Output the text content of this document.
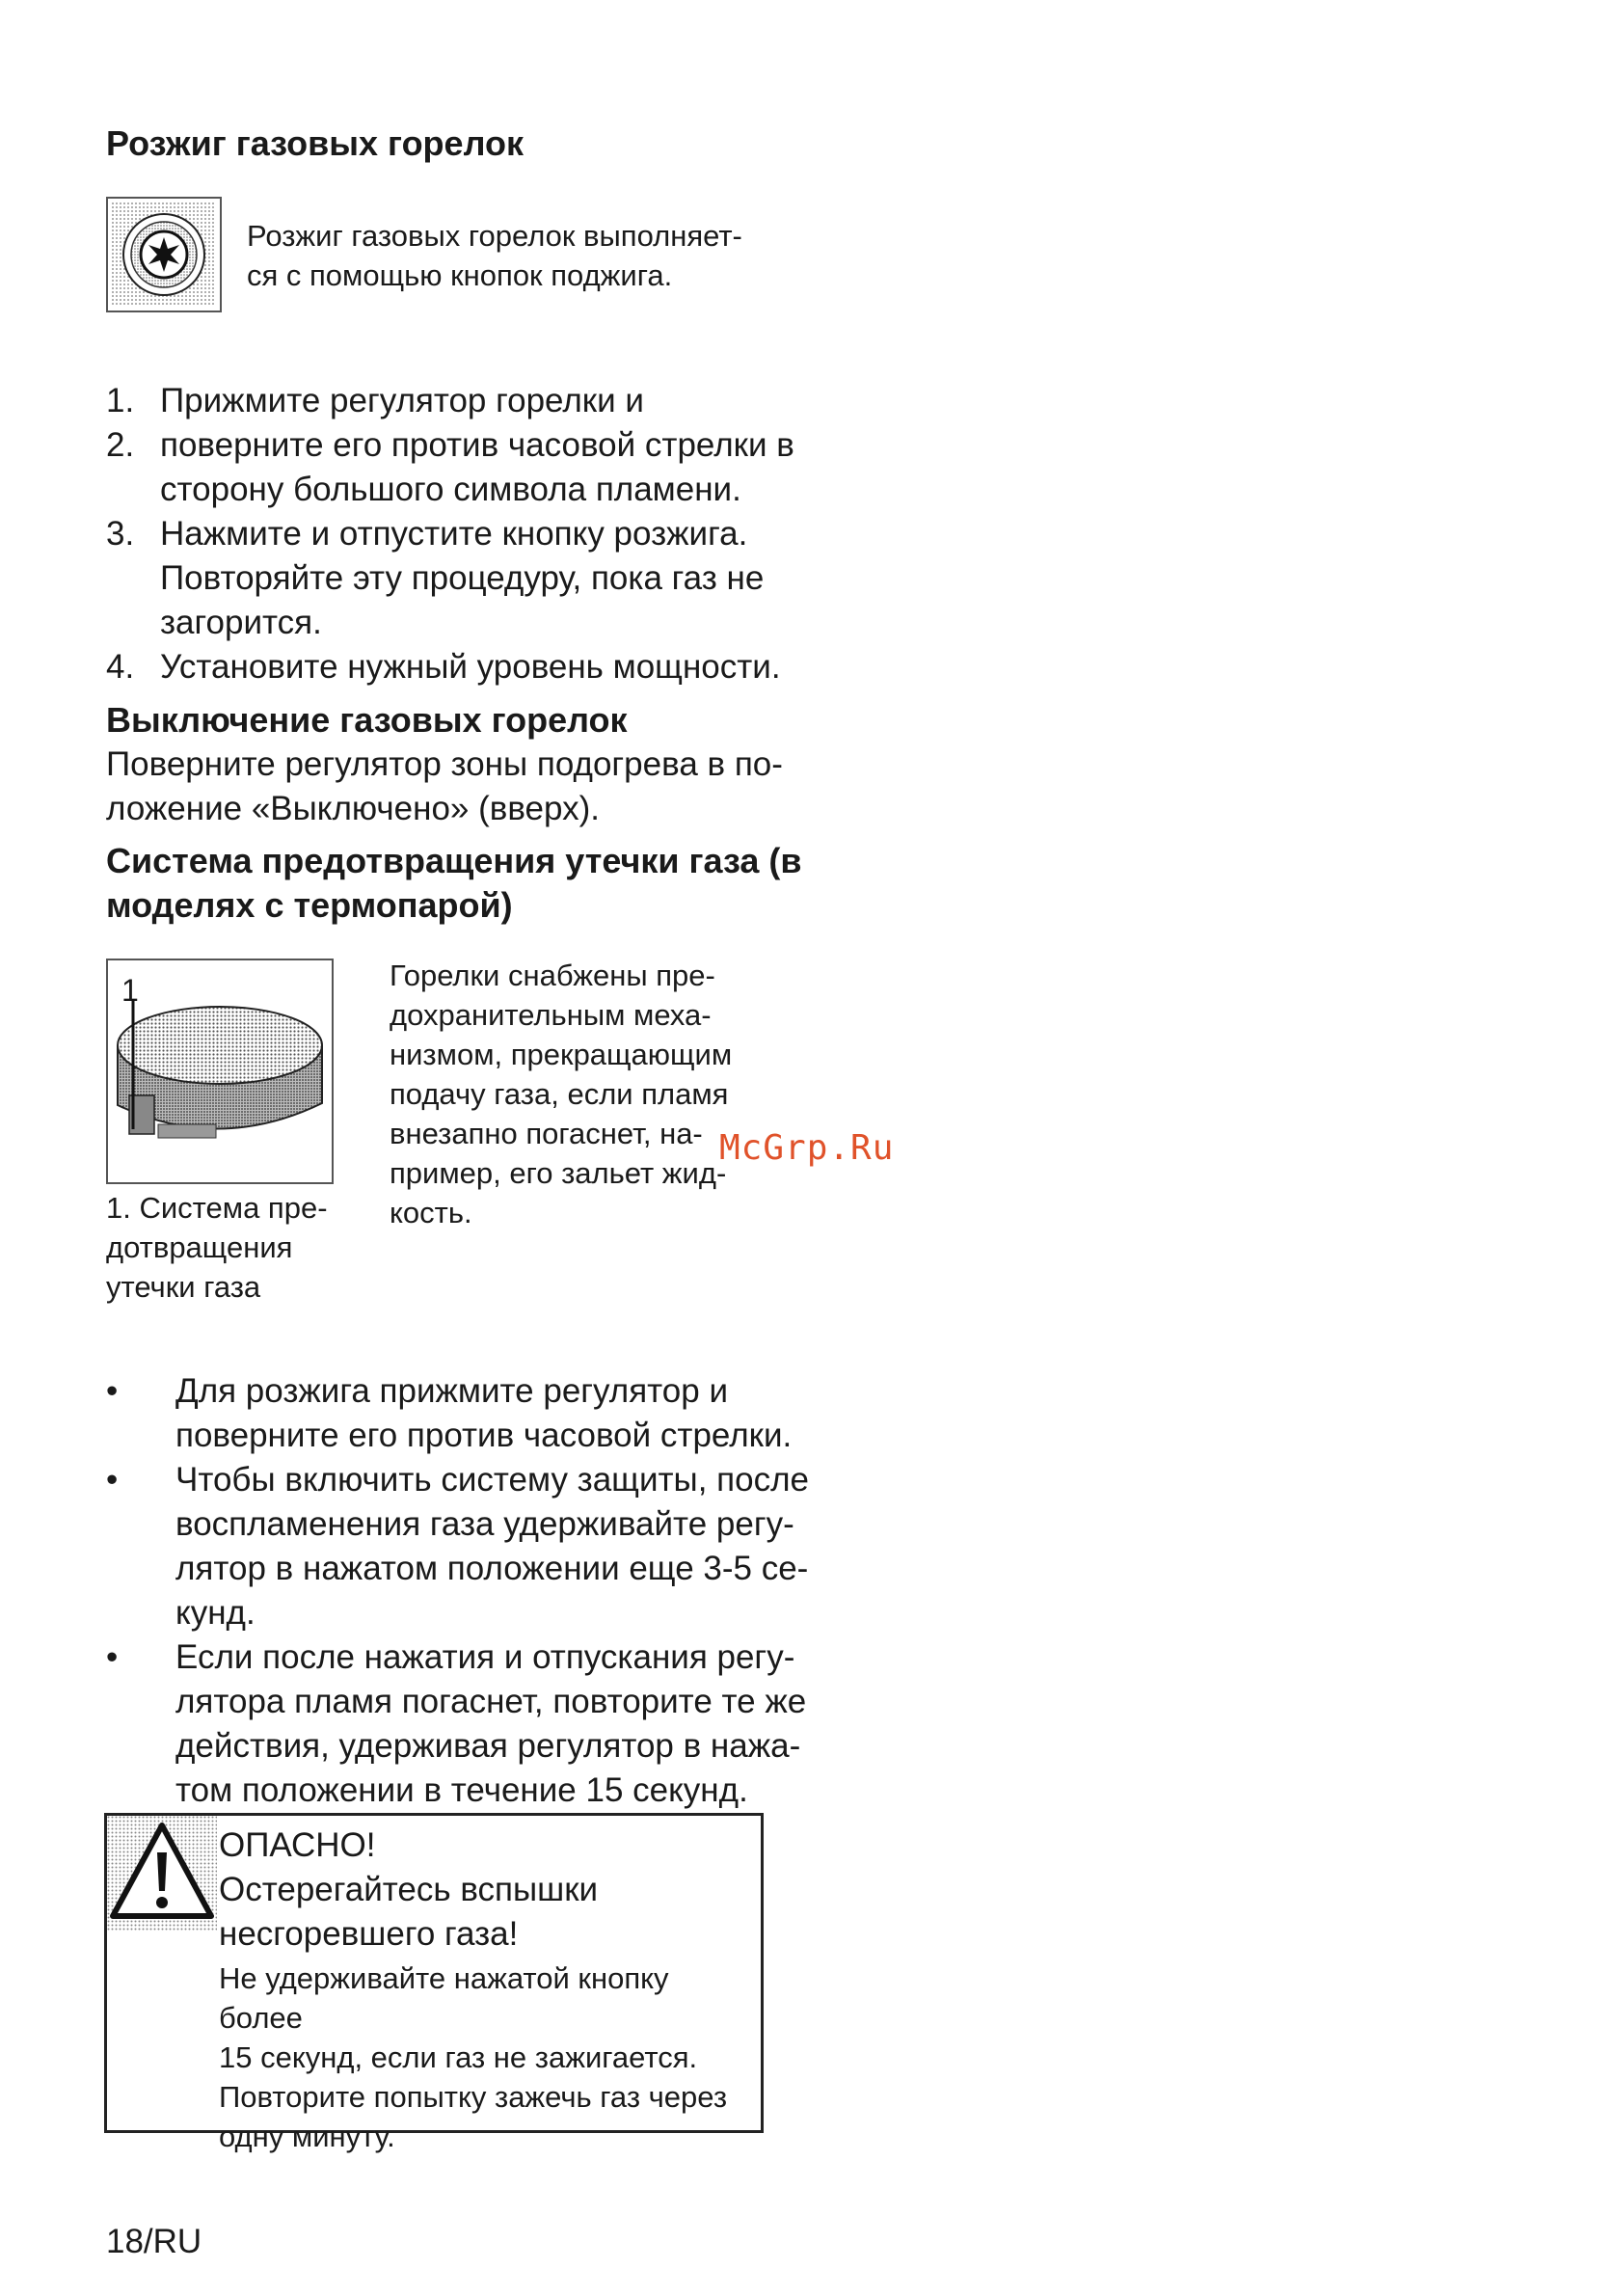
Розжиг газовых горелок
Розжиг газовых горелок выполняет-
ся с помощью кнопок поджига.
1. Прижмите регулятор горелки и
2. поверните его против часовой стрелки в
сторону большого символа пламени.
3. Нажмите и отпустите кнопку розжига.
Повторяйте эту процедуру, пока газ не
загорится.
4. Установите нужный уровень мощности.
Выключение газовых горелок
Поверните регулятор зоны подогрева в по-
ложение «Выключено» (вверх).
Система предотвращения утечки газа (в
моделях с термопарой)
1
1. Система пре-
дотвращения
утечки газа
Горелки снабжены пре-
дохранительным меха-
низмом, прекращающим
подачу газа, если пламя
внезапно погаснет, на-
пример, его зальет жид-
кость.
McGrp.Ru
• Для розжига прижмите регулятор и
поверните его против часовой стрелки.
• Чтобы включить систему защиты, после
воспламенения газа удерживайте регу-
лятор в нажатом положении еще 3-5 се-
кунд.
• Если после нажатия и отпускания регу-
лятора пламя погаснет, повторите те же
действия, удерживая регулятор в нажа-
том положении в течение 15 секунд.
ОПАСНО!
Остерегайтесь вспышки
несгоревшего газа!
Не удерживайте нажатой кнопку более
15 секунд, если газ не зажигается.
Повторите попытку зажечь газ через
одну минуту.
18/RU
